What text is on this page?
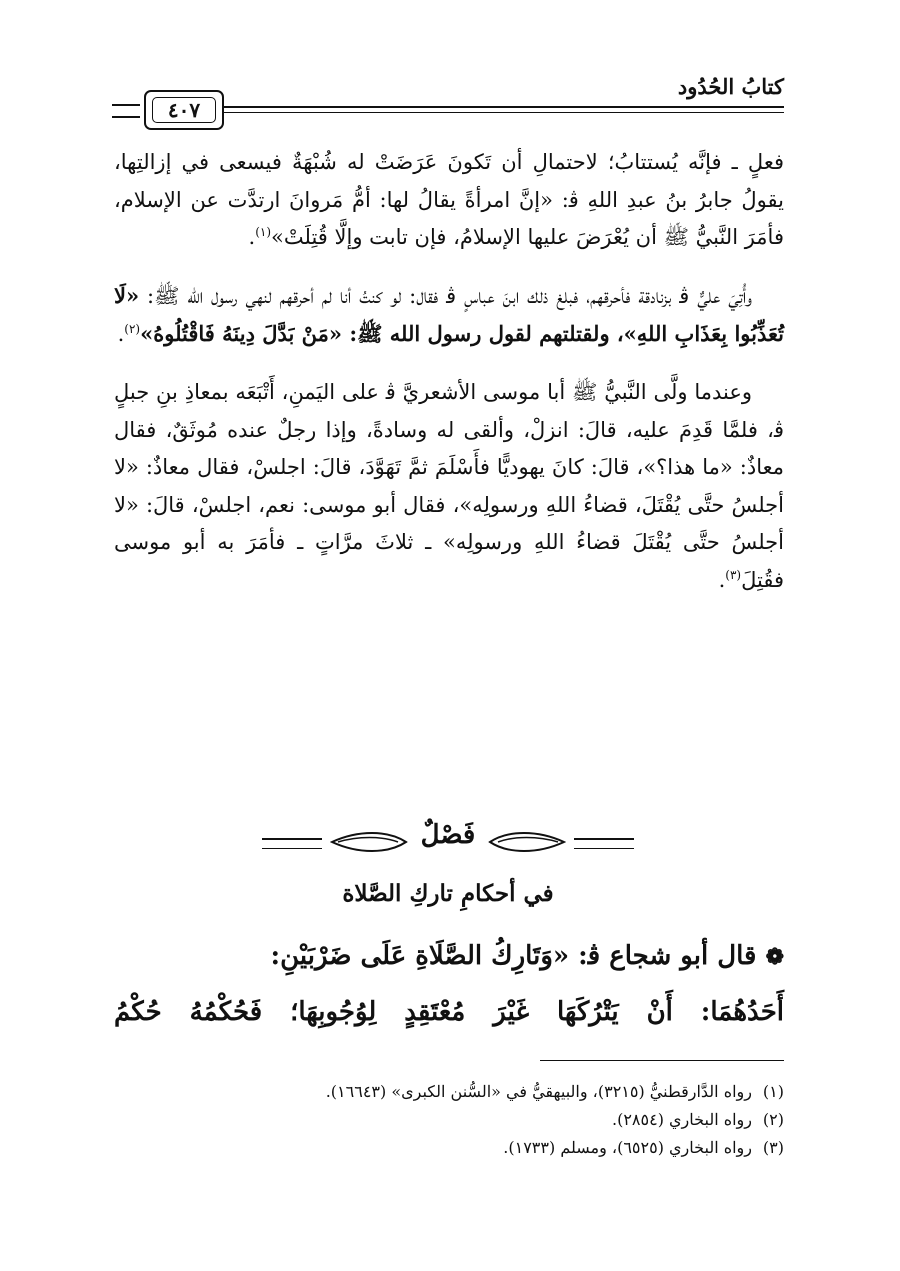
كتابُ الحُدُود
٤٠٧

فعلٍ ـ فإنَّه يُستتابُ؛ لاحتمالِ أن تَكونَ عَرَضَتْ له شُبْهَةٌ فيسعى في إزالتِها، يقولُ جابرُ بنُ عبدِ اللهِ ﭬ: «إنَّ امرأةً يقالُ لها: أمُّ مَروانَ ارتدَّت عن الإسلام، فأمَرَ النَّبيُّ ﷺ أن يُعْرَضَ عليها الإسلامُ، فإن تابت وإلَّا قُتِلَتْ»$^{(١)}$.

وأُتِيَ عليٌّ ﭬ بزنادقة فأحرقهم، فبلغ ذلك ابنَ عباسٍ ﭬ فقال: لو كنتُ أنا لم أحرقهم لنهي رسول الله ﷺ: «لَا تُعَذِّبُوا بِعَذَابِ اللهِ»، ولقتلتهم لقول رسول الله ﷺ: «مَنْ بَدَّلَ دِينَهُ فَاقْتُلُوهُ»$^{(٢)}$.

وعندما ولَّى النَّبيُّ ﷺ أبا موسى الأشعريَّ ﭬ على اليَمنِ، أَتْبَعَه بمعاذِ بنِ جبلٍ ﭬ، فلمَّا قَدِمَ عليه، قالَ: انزلْ، وألقى له وسادةً، وإذا رجلٌ عنده مُوثَقٌ، فقال معاذٌ: «ما هذا؟»، قالَ: كانَ يهوديًّا فأَسْلَمَ ثمَّ تَهَوَّدَ، قالَ: اجلسْ، فقال معاذٌ: «لا أجلسُ حتَّى يُقْتَلَ، قضاءُ اللهِ ورسولِه»، فقال أبو موسى: نعم، اجلسْ، قالَ: «لا أجلسُ حتَّى يُقْتَلَ قضاءُ اللهِ ورسولِه» ـ ثلاثَ مرَّاتٍ ـ فأمَرَ به أبو موسى فقُتِلَ$^{(٣)}$.

فَصْلٌ
في أحكامِ تاركِ الصَّلاة
❁ قال أبو شجاع ﭬ: «وَتَارِكُ الصَّلَاةِ عَلَى ضَرْبَيْنِ:
أَحَدُهُمَا: أَنْ يَتْرُكَهَا غَيْرَ مُعْتَقِدٍ لِوُجُوبِهَا؛ فَحُكْمُهُ حُكْمُ
(١)
رواه الدَّارقطنيُّ (٣٢١٥)، والبيهقيُّ في «السُّنن الكبرى» (١٦٦٤٣).
(٢)
رواه البخاري (٢٨٥٤).
(٣)
رواه البخاري (٦٥٢٥)، ومسلم (١٧٣٣).
